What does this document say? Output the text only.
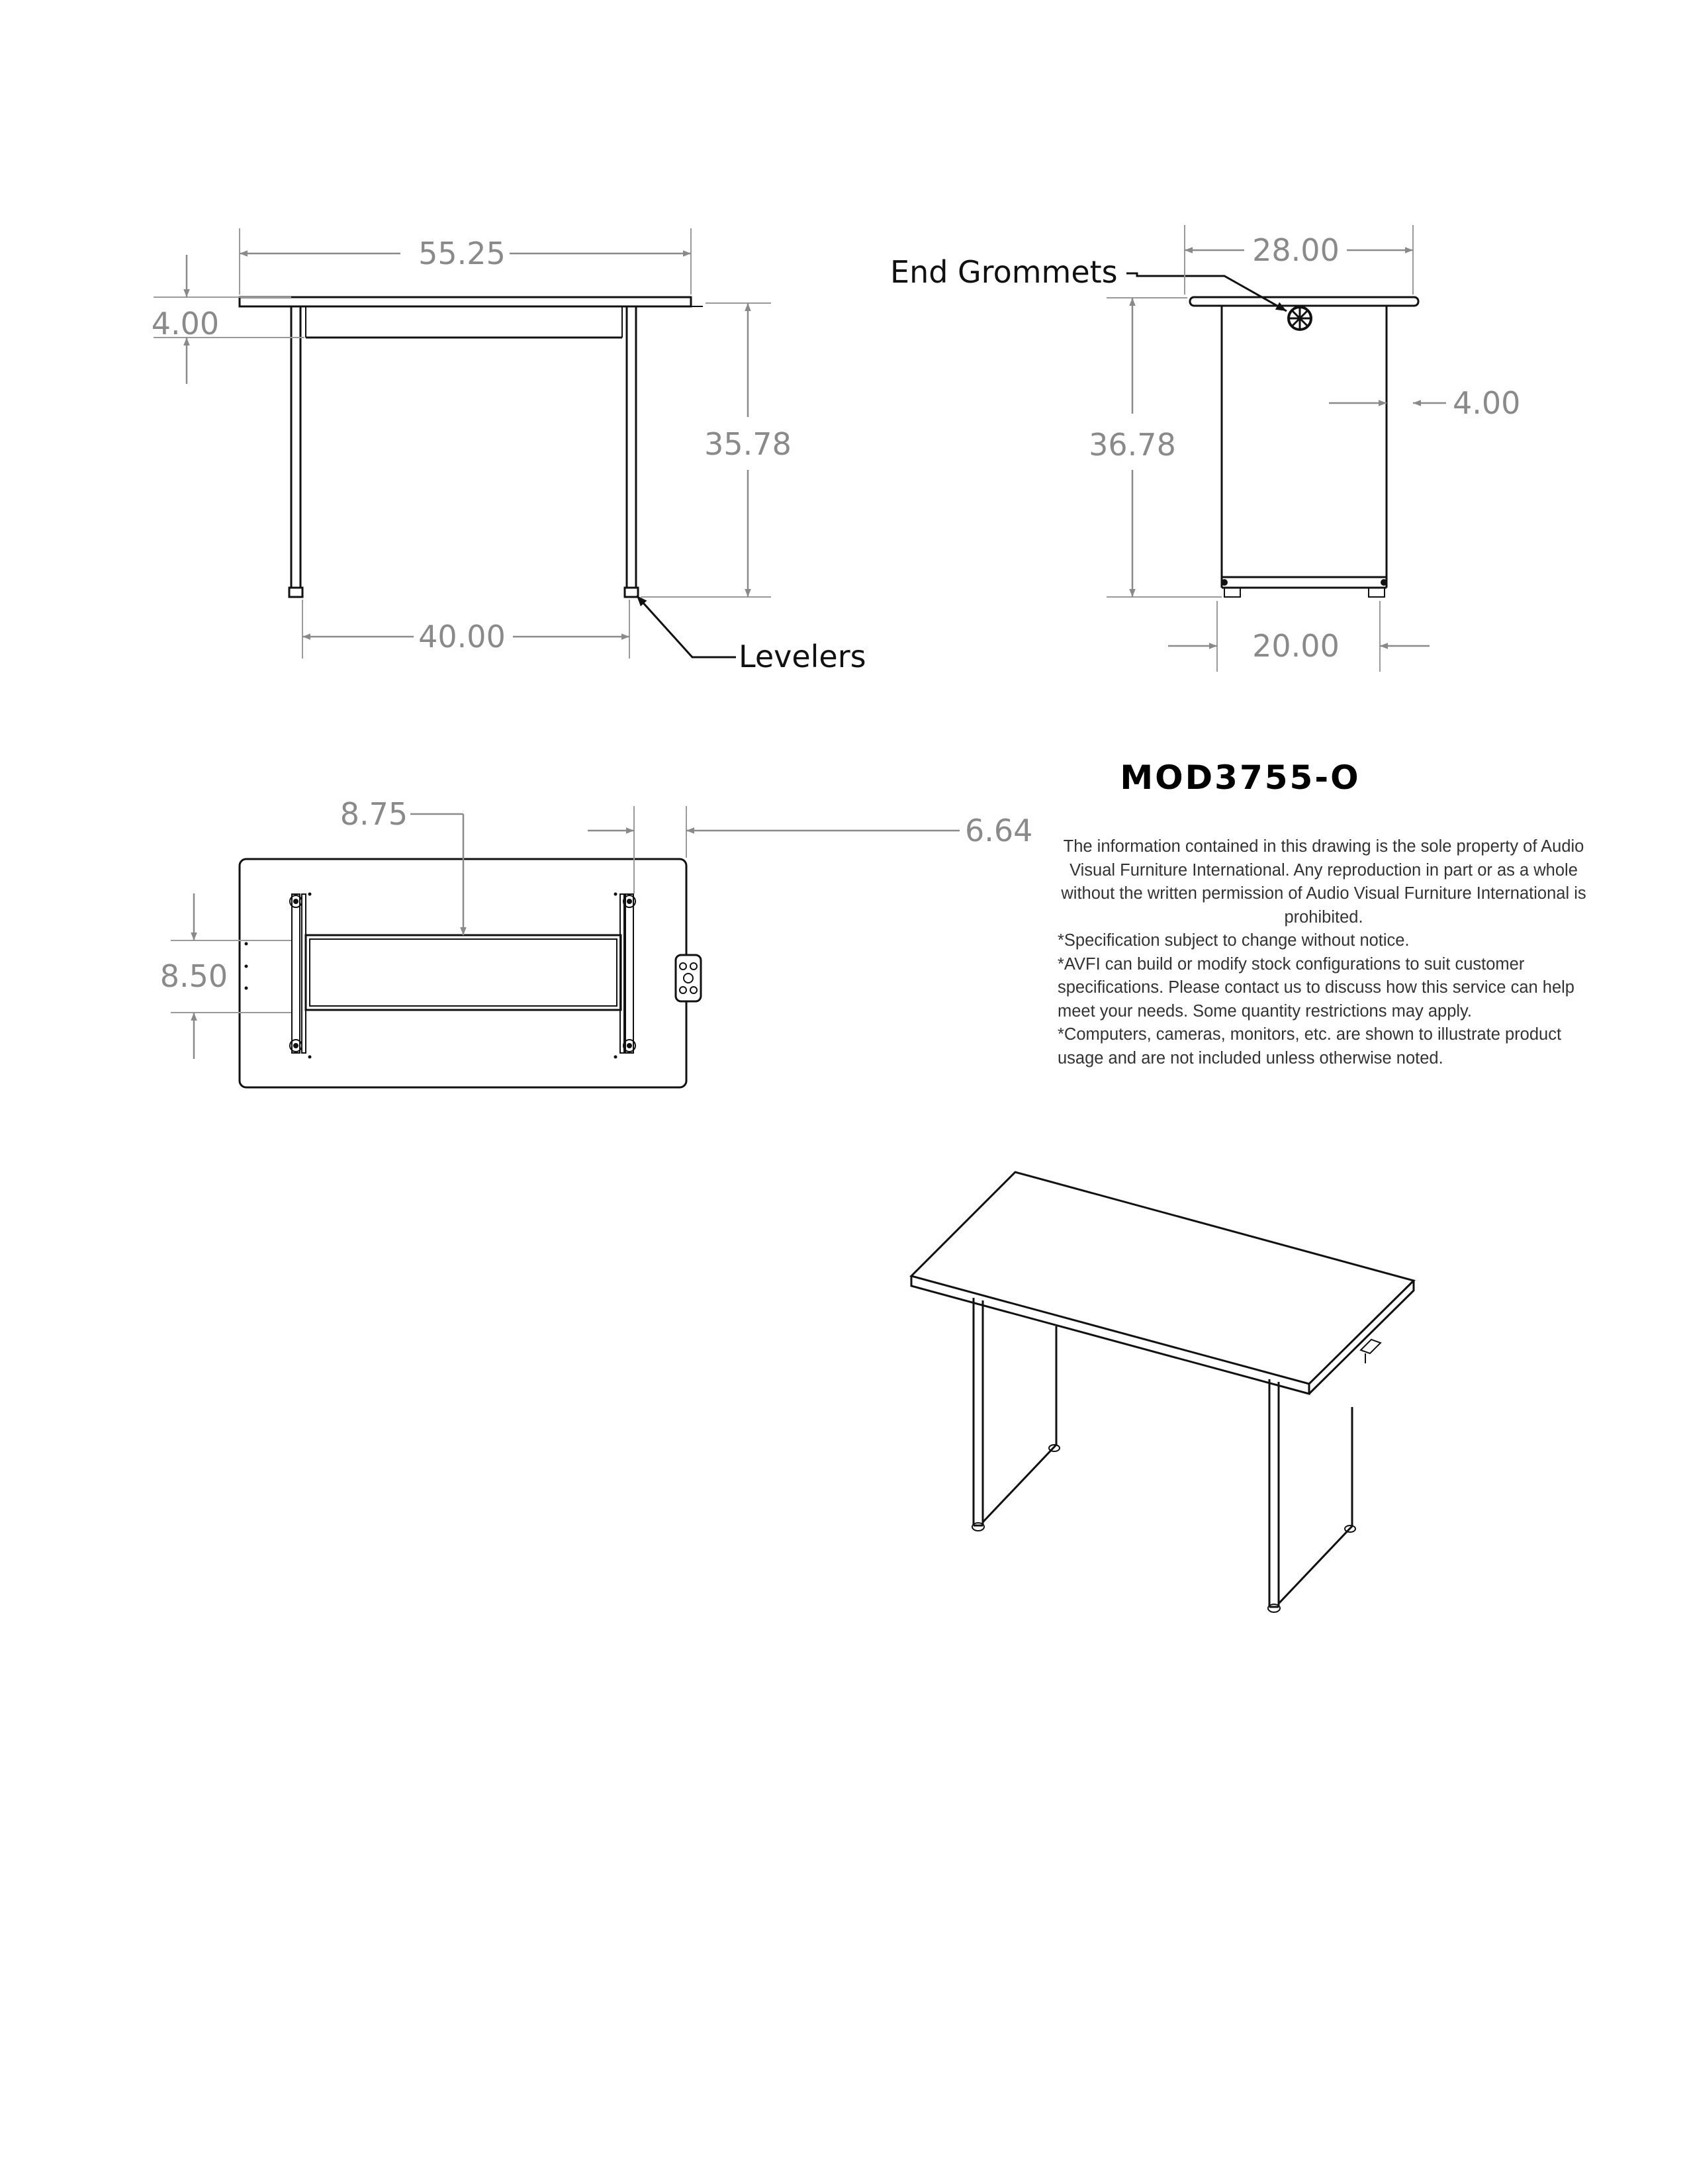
55.25
4.00
35.78
40.00
Levelers
End Grommets
28.00
36.78
4.00
20.00
8.75	6.64
8.50
MOD3755-O

The information contained in this drawing is the sole property of Audio Visual Furniture International. Any reproduction in part or as a whole without the written permission of Audio Visual Furniture International is prohibited.

*Specification subject to change without notice.

*AVFI can build or modify stock configurations to suit customer specifications. Please contact us to discuss how this service can help meet your needs. Some quantity restrictions may apply.

*Computers, cameras, monitors, etc. are shown to illustrate product usage and are not included unless otherwise noted.
